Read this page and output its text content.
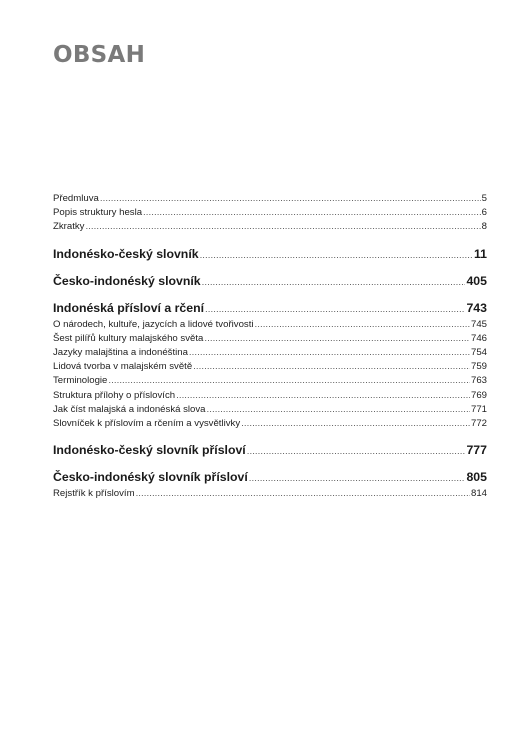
OBSAH
Předmluva . . .	5
Popis struktury hesla . . .	6
Zkratky . . .	8
Indonésko-český slovník . . .	11
Česko-indonéský slovník . . .	405
Indonéská přísloví a rčení . . .	743
O národech, kultuře, jazycích a lidové tvořivosti . . .	745
Šest pilířů kultury malajského světa . . .	746
Jazyky malajština a indonéština . . .	754
Lidová tvorba v malajském světě . . .	759
Terminologie . . .	763
Struktura přílohy o příslovích . . .	769
Jak číst malajská a indonéská slova . . .	771
Slovníček k příslovím a rčením a vysvětlivky . . .	772
Indonésko-český slovník přísloví . . .	777
Česko-indonéský slovník přísloví . . .	805
Rejstřík k příslovím . . .	814
